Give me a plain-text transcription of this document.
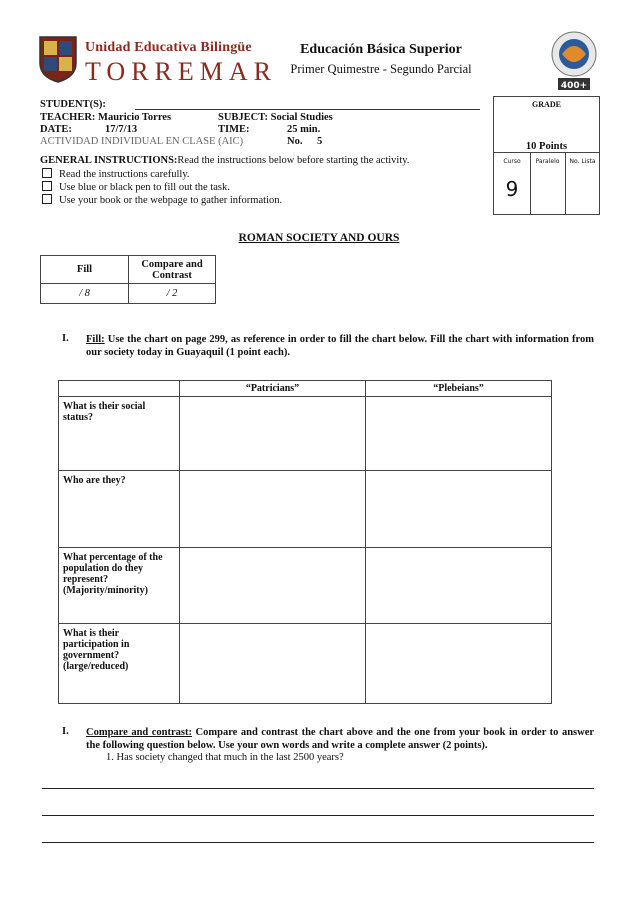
Unidad Educativa Bilingüe
TORREMAR
Educación Básica Superior
Primer Quimestre - Segundo Parcial
400+
STUDENT(S):
TEACHER: Mauricio Torres	SUBJECT: Social Studies
DATE:	17/7/13	TIME:	25 min.
ACTIVIDAD INDIVIDUAL EN CLASE (AIC)	No. 5
GRADE
10 Points
Curso	Paralelo	No. Lista
9
GENERAL INSTRUCTIONS:Read the instructions below before starting the activity.
Read the instructions carefully.
Use blue or black pen to fill out the task.
Use your book or the webpage to gather information.
ROMAN SOCIETY AND OURS
Fill	Compare and Contrast
/ 8	/ 2
I. Fill: Use the chart on page 299, as reference in order to fill the chart below. Fill the chart with information from our society today in Guayaquil (1 point each).
	“Patricians”	“Plebeians”
What is their social status?		
Who are they?		
What percentage of the population do they represent? (Majority/minority)		
What is their participation in government? (large/reduced)		
I. Compare and contrast: Compare and contrast the chart above and the one from your book in order to answer the following question below. Use your own words and write a complete answer (2 points).
1. Has society changed that much in the last 2500 years?
